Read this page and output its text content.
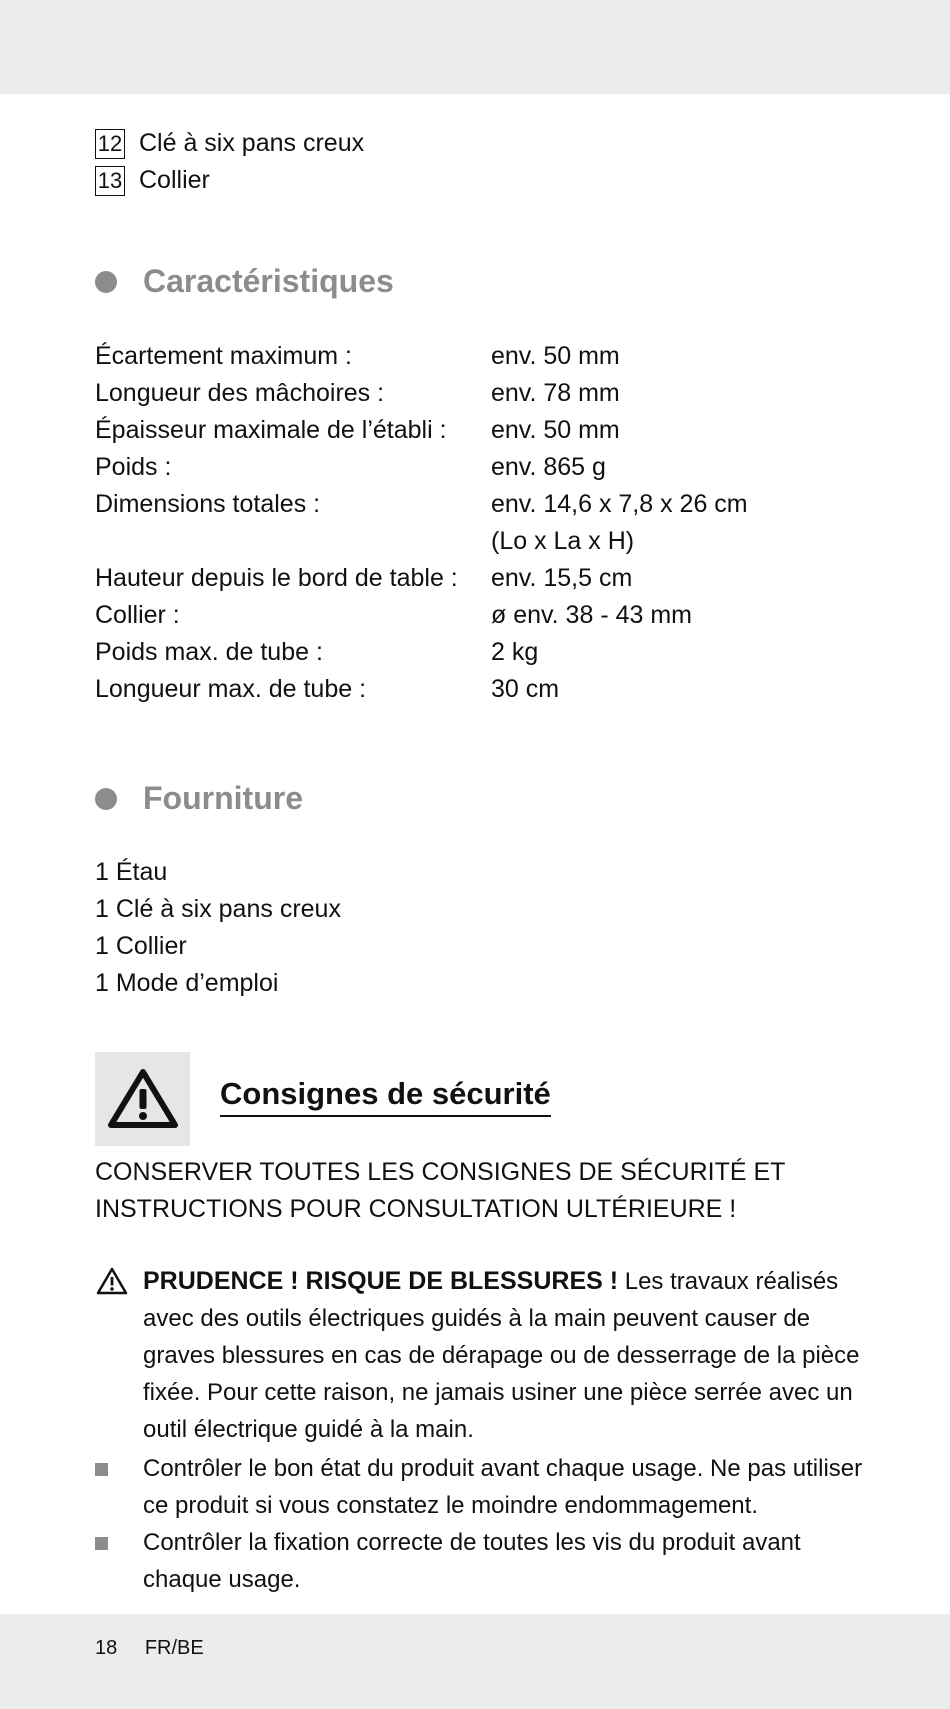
12 Clé à six pans creux
13 Collier
Caractéristiques
Écartement maximum :	env. 50 mm
Longueur des mâchoires :	env. 78 mm
Épaisseur maximale de l’établi : env. 50 mm
Poids :	env. 865 g
Dimensions totales :	env. 14,6 x 7,8 x 26 cm
(Lo x La x H)
Hauteur depuis le bord de table : env. 15,5 cm
Collier :	ø env. 38 - 43 mm
Poids max. de tube :	2 kg
Longueur max. de tube :	30 cm
Fourniture
1 Étau
1 Clé à six pans creux
1 Collier
1 Mode d’emploi
Consignes de sécurité
CONSERVER TOUTES LES CONSIGNES DE SÉCURITÉ ET INSTRUCTIONS POUR CONSULTATION ULTÉRIEURE !
PRUDENCE ! RISQUE DE BLESSURES ! Les travaux réalisés avec des outils électriques guidés à la main peuvent causer de graves blessures en cas de dérapage ou de desserrage de la pièce fixée. Pour cette raison, ne jamais usiner une pièce serrée avec un outil électrique guidé à la main.
Contrôler le bon état du produit avant chaque usage. Ne pas utiliser ce produit si vous constatez le moindre endommagement.
Contrôler la fixation correcte de toutes les vis du produit avant chaque usage.
18 FR/BE
